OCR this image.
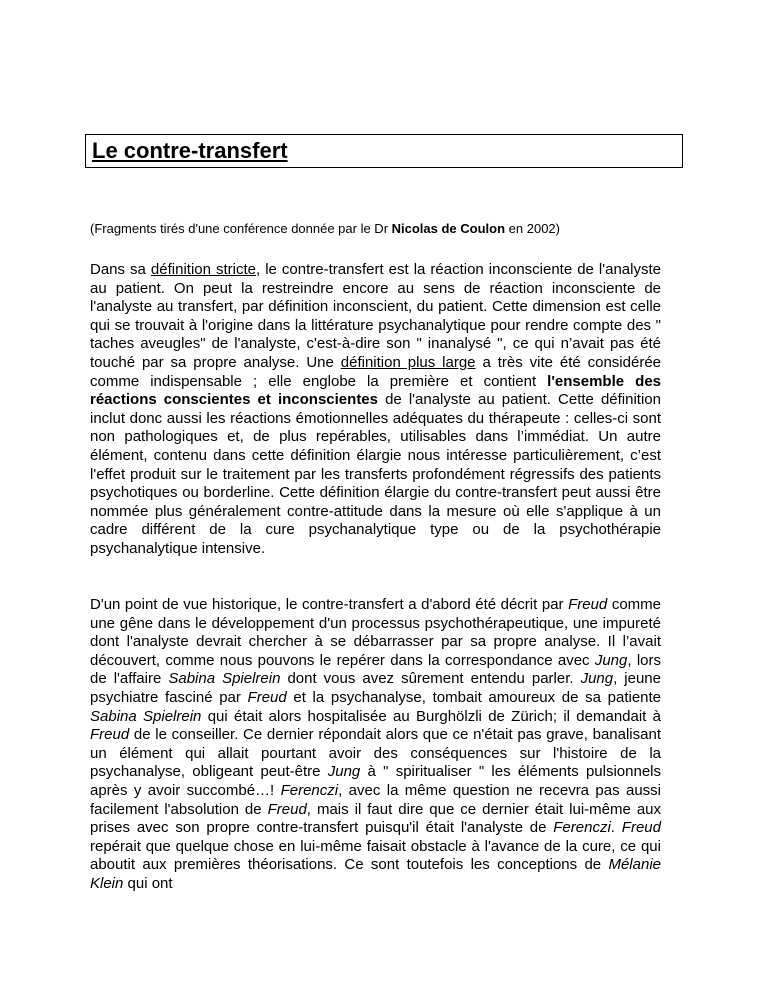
Le contre-transfert
(Fragments tirés d'une conférence donnée par le Dr Nicolas de Coulon en 2002)

Dans sa définition stricte, le contre-transfert est la réaction inconsciente de l'analyste au patient. On peut la restreindre encore au sens de réaction inconsciente de l'analyste au transfert, par définition inconscient, du patient. Cette dimension est celle qui se trouvait à l'origine dans la littérature psychanalytique pour rendre compte des " taches aveugles" de l'analyste, c'est-à-dire son " inanalysé ", ce qui n’avait pas été touché par sa propre analyse. Une définition plus large a très vite été considérée comme indispensable ; elle englobe la première et contient l'ensemble des réactions conscientes et inconscientes de l'analyste au patient. Cette définition inclut donc aussi les réactions émotionnelles adéquates du thérapeute : celles-ci sont non pathologiques et, de plus repérables, utilisables dans l’immédiat. Un autre élément, contenu dans cette définition élargie nous intéresse particulièrement, c’est l'effet produit sur le traitement par les transferts profondément régressifs des patients psychotiques ou borderline. Cette définition élargie du contre-transfert peut aussi être nommée plus généralement contre-attitude dans la mesure où elle s'applique à un cadre différent de la cure psychanalytique type ou de la psychothérapie psychanalytique intensive.

D'un point de vue historique, le contre-transfert a d'abord été décrit par Freud comme une gêne dans le développement d'un processus psychothérapeutique, une impureté dont l'analyste devrait chercher à se débarrasser par sa propre analyse. Il l’avait découvert, comme nous pouvons le repérer dans la correspondance avec Jung, lors de l'affaire Sabina Spielrein dont vous avez sûrement entendu parler. Jung, jeune psychiatre fasciné par Freud et la psychanalyse, tombait amoureux de sa patiente Sabina Spielrein qui était alors hospitalisée au Burghölzli de Zürich; il demandait à Freud de le conseiller. Ce dernier répondait alors que ce n'était pas grave, banalisant un élément qui allait pourtant avoir des conséquences sur l'histoire de la psychanalyse, obligeant peut-être Jung à " spiritualiser " les éléments pulsionnels après y avoir succombé…! Ferenczi, avec la même question ne recevra pas aussi facilement l'absolution de Freud, mais il faut dire que ce dernier était lui-même aux prises avec son propre contre-transfert puisqu'il était l'analyste de Ferenczi. Freud repérait que quelque chose en lui-même faisait obstacle à l'avance de la cure, ce qui aboutit aux premières théorisations. Ce sont toutefois les conceptions de Mélanie Klein qui ont
